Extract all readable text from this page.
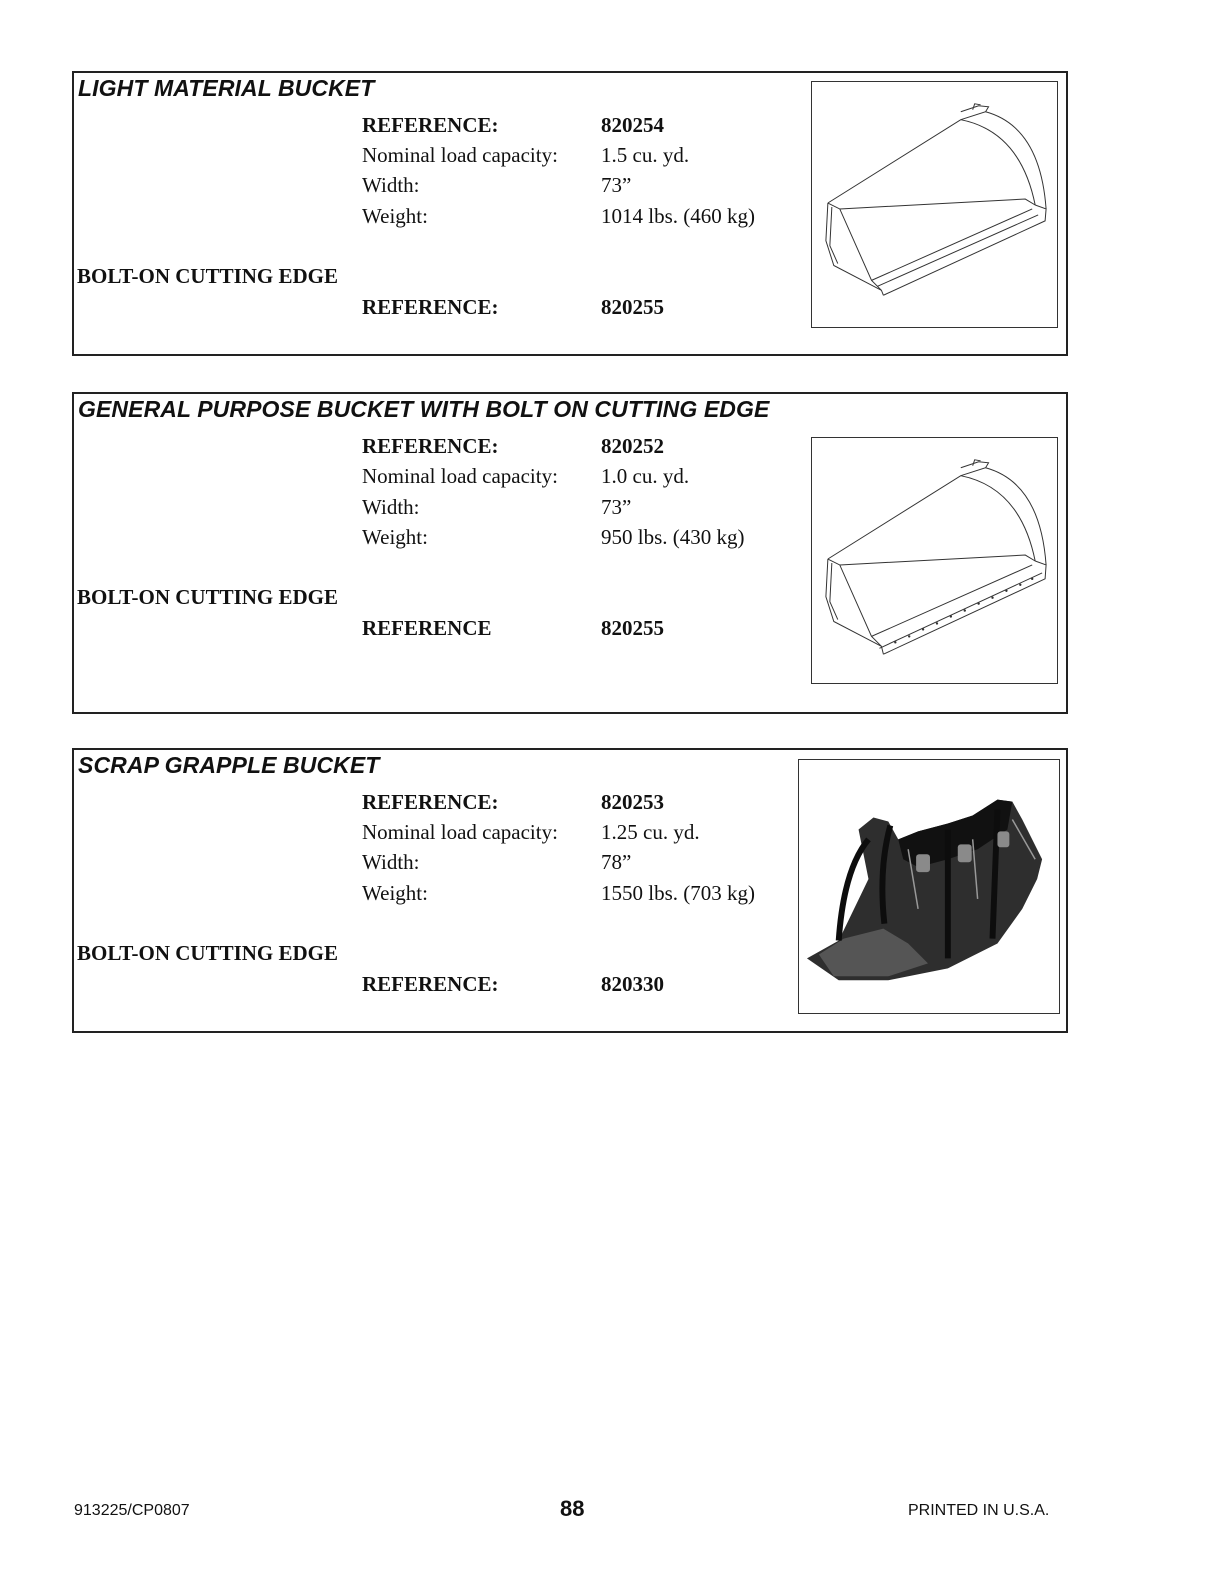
LIGHT MATERIAL BUCKET
REFERENCE:	820254
Nominal load capacity: 1.5 cu. yd.
Width:	73”
Weight:	1014 lbs. (460 kg)
BOLT-ON CUTTING EDGE
REFERENCE:	820255
GENERAL PURPOSE BUCKET WITH BOLT ON CUTTING EDGE
REFERENCE:	820252
Nominal load capacity: 1.0 cu. yd.
Width:	73”
Weight:	950 lbs. (430 kg)
BOLT-ON CUTTING EDGE
REFERENCE	820255
SCRAP GRAPPLE BUCKET
REFERENCE:	820253
Nominal load capacity: 1.25 cu. yd.
Width:	78”
Weight:	1550 lbs. (703 kg)
BOLT-ON CUTTING EDGE
REFERENCE:	820330
913225/CP0807	88	PRINTED IN U.S.A.
